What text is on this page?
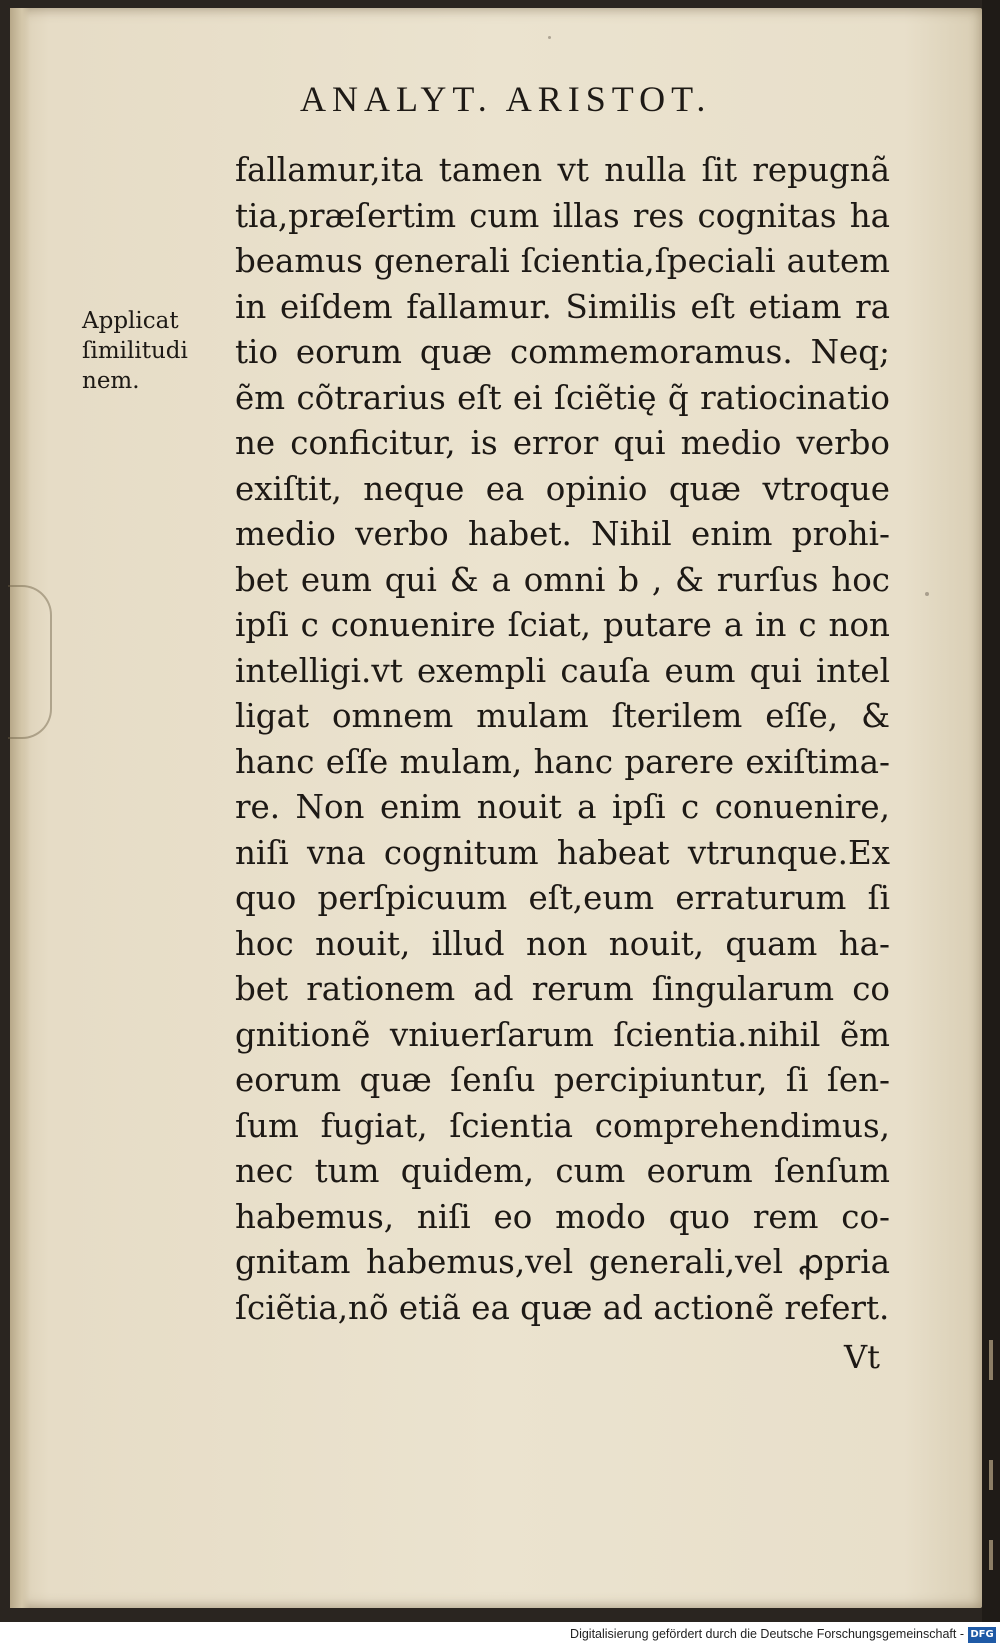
ANALYT. ARISTOT.
Applicat
ſimilitudi
nem.
fallamur,ita tamen vt nulla ſit repugnã
tia,præſertim cum illas res cognitas ha
beamus generali ſcientia,ſpeciali autem
in eiſdem fallamur. Similis eſt etiam ra
tio eorum quæ commemoramus. Neq;
ẽm cõtrarius eſt ei ſciẽtię q̃ ratiocinatio
ne conficitur, is error qui medio verbo
exiſtit, neque ea opinio quæ vtroque
medio verbo habet. Nihil enim prohi-
bet eum qui & a omni b , & rurſus hoc
ipſi c conuenire ſciat, putare a in c non
intelligi.vt exempli cauſa eum qui intel
ligat omnem mulam ſterilem eſſe, &
hanc eſſe mulam, hanc parere exiſtima-
re. Non enim nouit a ipſi c conuenire,
niſi vna cognitum habeat vtrunque.Ex
quo perſpicuum eſt,eum erraturum ſi
hoc nouit, illud non nouit, quam ha-
bet rationem ad rerum ſingularum co
gnitionẽ vniuerſarum ſcientia.nihil ẽm
eorum quæ ſenſu percipiuntur, ſi ſen-
ſum fugiat, ſcientia comprehendimus,
nec tum quidem, cum eorum ſenſum
habemus, niſi eo modo quo rem co-
gnitam habemus,vel generali,vel ꝓpria
ſciẽtia,nõ etiã ea quæ ad actionẽ refert.
Vt
Digitalisierung gefördert durch die Deutsche Forschungsgemeinschaft - DFG
